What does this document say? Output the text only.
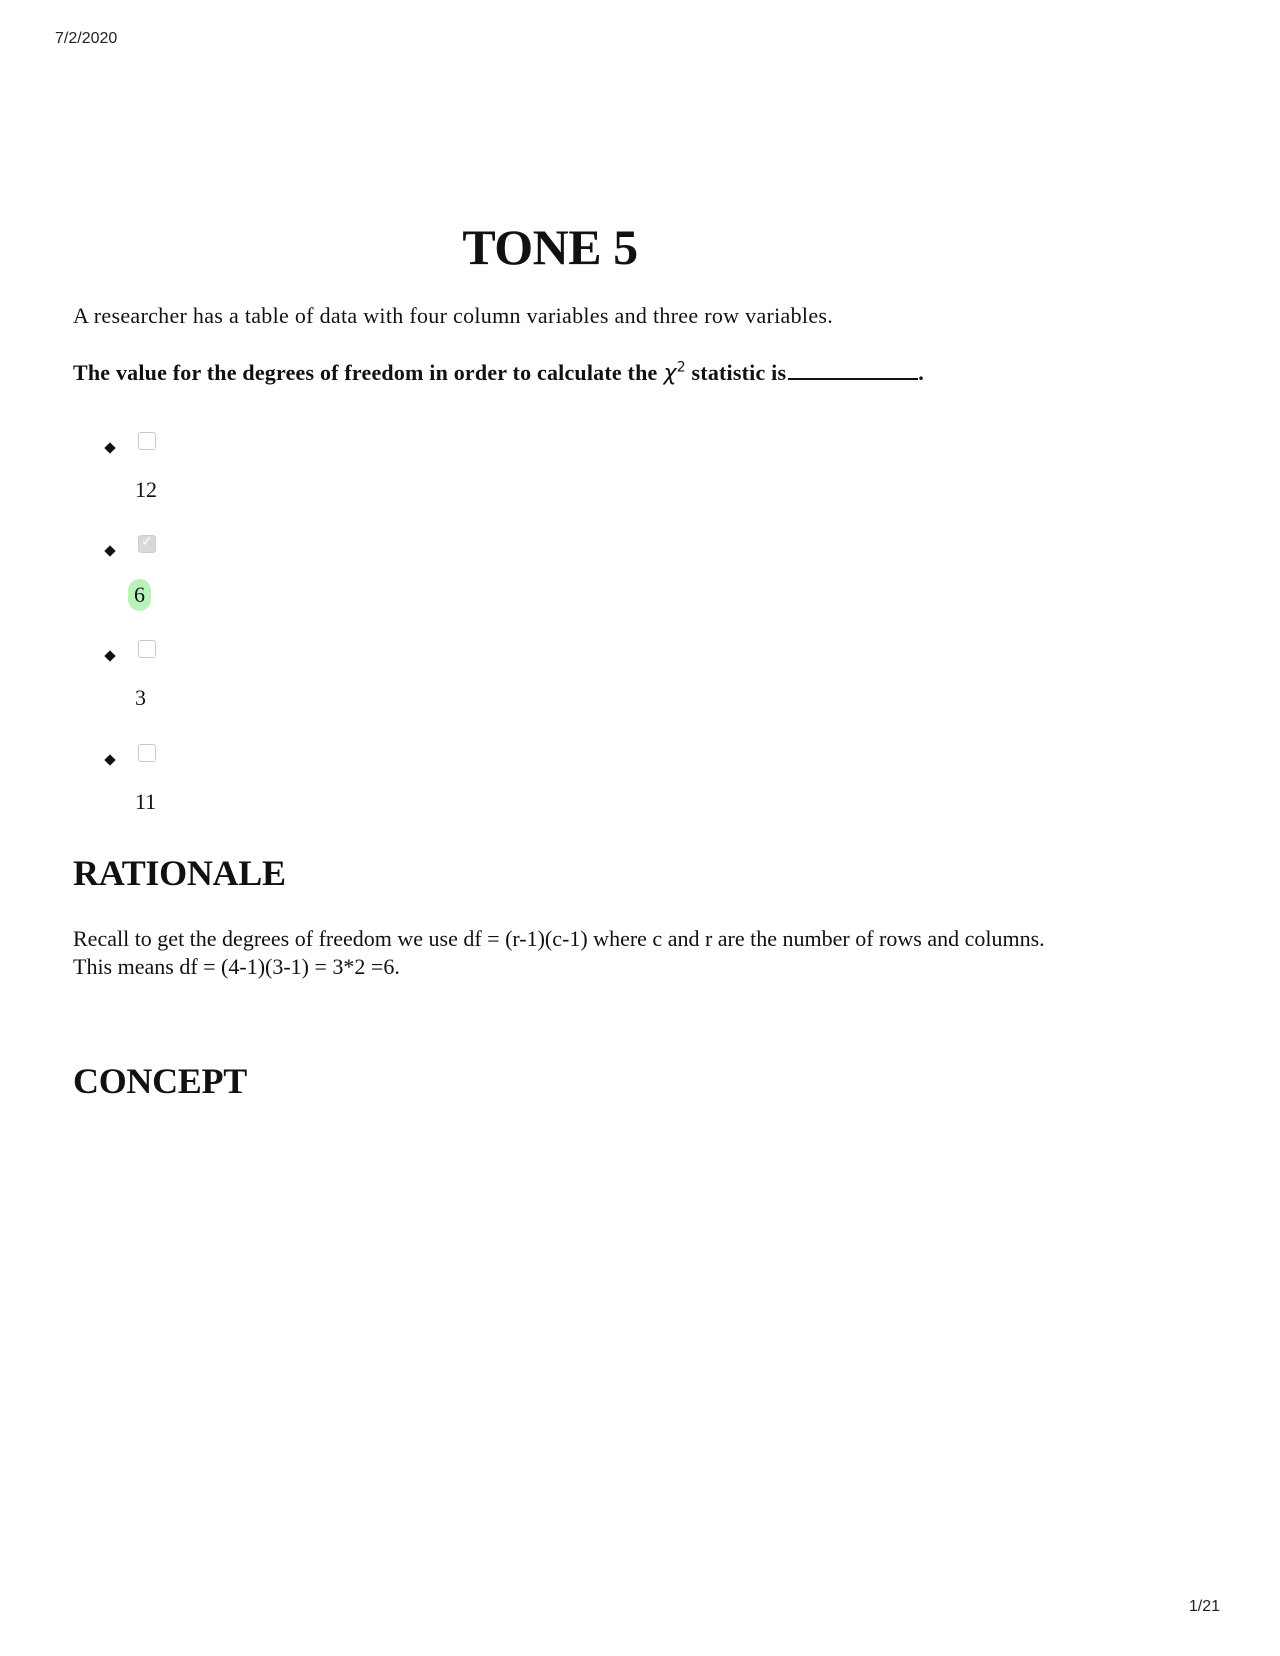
7/2/2020
TONE 5

A researcher has a table of data with four column variables and three row variables.

The value for the degrees of freedom in order to calculate the $\chi^2$ statistic is	.

12
✓
6
3
11
RATIONALE
Recall to get the degrees of freedom we use df = (r-1)(c-1) where c and r are the number of rows and columns.
This means df = (4-1)(3-1) = 3*2 =6.
CONCEPT
1/21
